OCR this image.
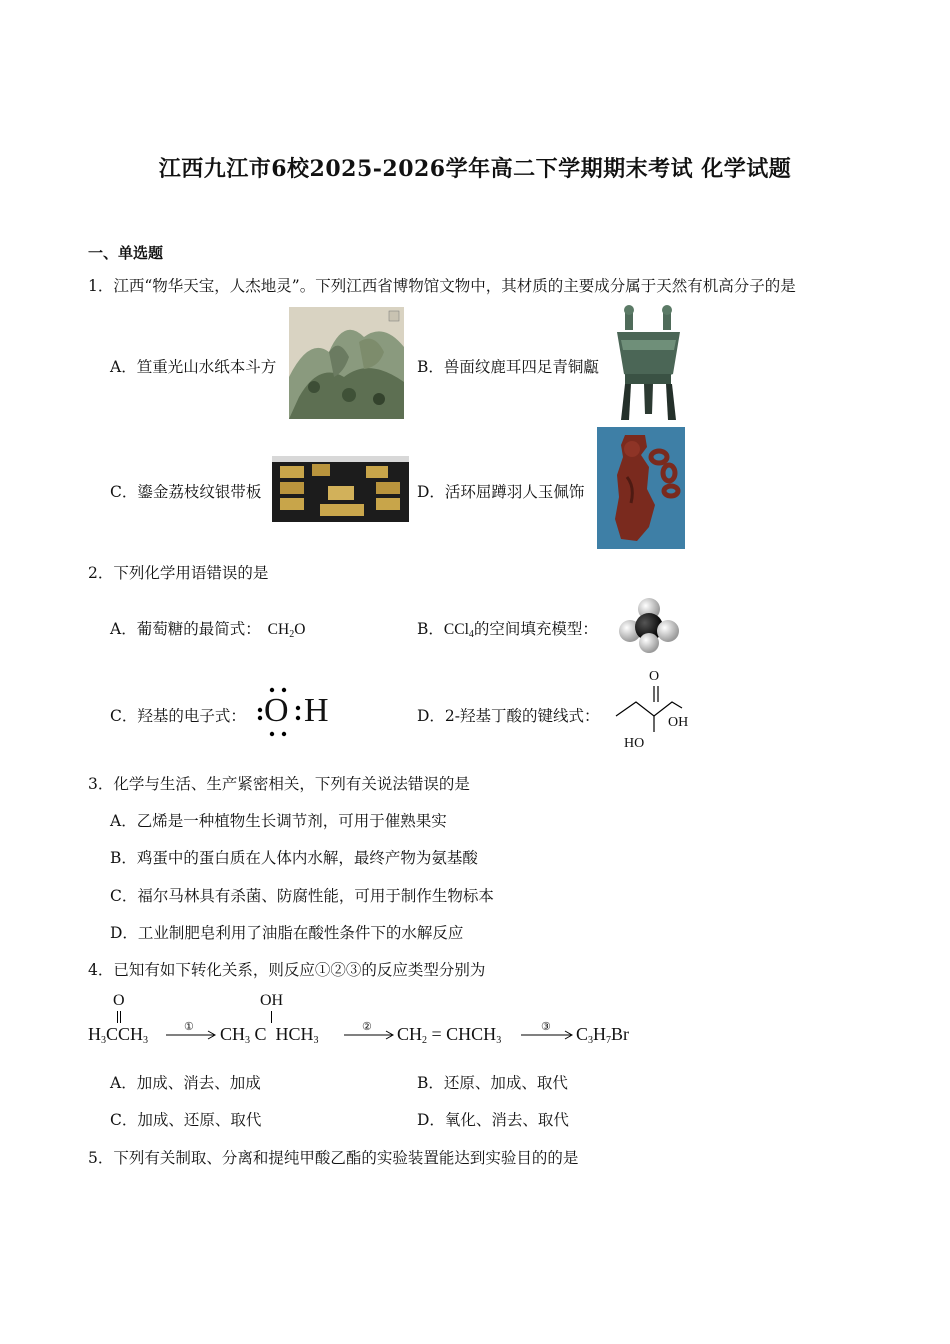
江西九江市6校2025-2026学年高二下学期期末考试 化学试题
一、单选题
1．江西“物华天宝，人杰地灵”。下列江西省博物馆文物中，其材质的主要成分属于天然有机高分子的是
A．笪重光山水纸本斗方	B．兽面纹鹿耳四足青铜甗
C．鎏金荔枝纹银带板	D．活环屈蹲羽人玉佩饰
2．下列化学用语错误的是
A．葡萄糖的最简式： $CH_2O$	B．CCl$_4$的空间填充模型：
C．羟基的电子式： O H	D．2-羟基丁酸的键线式：
O
OH
HO
3．化学与生活、生产紧密相关，下列有关说法错误的是
A．乙烯是一种植物生长调节剂，可用于催熟果实
B．鸡蛋中的蛋白质在人体内水解，最终产物为氨基酸
C．福尔马林具有杀菌、防腐性能，可用于制作生物标本
D．工业制肥皂利用了油脂在酸性条件下的水解反应
4．已知有如下转化关系，则反应①②③的反应类型分别为
O
$H_3CCH_3$
①
OH
$CH_3$ C  $HCH_3$
② $CH_2$ = $CHCH_3$
③ $C_3H_7Br$
A．加成、消去、加成	B．还原、加成、取代
C．加成、还原、取代	D．氧化、消去、取代
5．下列有关制取、分离和提纯甲酸乙酯的实验装置能达到实验目的的是
